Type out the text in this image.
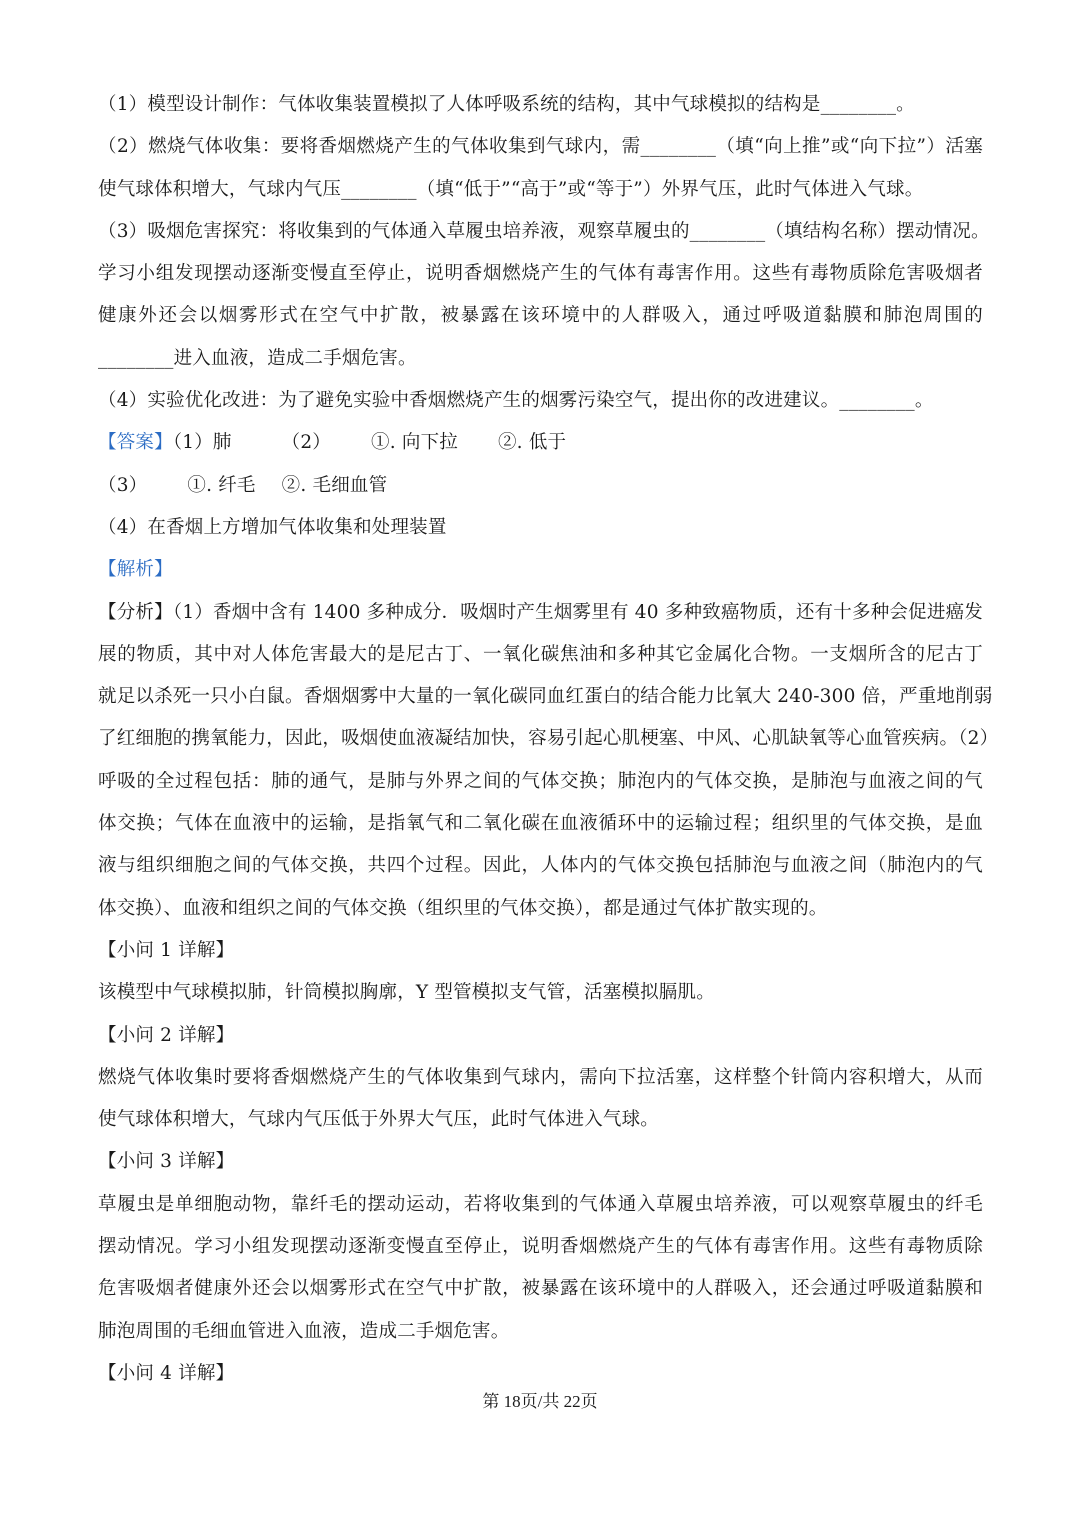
（1）模型设计制作：气体收集装置模拟了人体呼吸系统的结构，其中气球模拟的结构是________。
（2）燃烧气体收集：要将香烟燃烧产生的气体收集到气球内，需________（填“向上推”或“向下拉”）活塞
使气球体积增大，气球内气压________（填“低于”“高于”或“等于”）外界气压，此时气体进入气球。
（3）吸烟危害探究：将收集到的气体通入草履虫培养液，观察草履虫的________（填结构名称）摆动情况。
学习小组发现摆动逐渐变慢直至停止，说明香烟燃烧产生的气体有毒害作用。这些有毒物质除危害吸烟者
健康外还会以烟雾形式在空气中扩散，被暴露在该环境中的人群吸入，通过呼吸道黏膜和肺泡周围的
________进入血液，造成二手烟危害。
（4）实验优化改进：为了避免实验中香烟燃烧产生的烟雾污染空气，提出你的改进建议。________。
【答案】（1）肺	（2） ①. 向下拉 ②. 低于
（3） ①. 纤毛 ②. 毛细血管
（4）在香烟上方增加气体收集和处理装置
【解析】
【分析】（1）香烟中含有 1400 多种成分．吸烟时产生烟雾里有 40 多种致癌物质，还有十多种会促进癌发
展的物质，其中对人体危害最大的是尼古丁、一氧化碳焦油和多种其它金属化合物。一支烟所含的尼古丁
就足以杀死一只小白鼠。香烟烟雾中大量的一氧化碳同血红蛋白的结合能力比氧大 240-300 倍，严重地削弱
了红细胞的携氧能力，因此，吸烟使血液凝结加快，容易引起心肌梗塞、中风、心肌缺氧等心血管疾病。（2）
呼吸的全过程包括：肺的通气，是肺与外界之间的气体交换；肺泡内的气体交换，是肺泡与血液之间的气
体交换；气体在血液中的运输，是指氧气和二氧化碳在血液循环中的运输过程；组织里的气体交换，是血
液与组织细胞之间的气体交换，共四个过程。因此，人体内的气体交换包括肺泡与血液之间（肺泡内的气
体交换）、血液和组织之间的气体交换（组织里的气体交换），都是通过气体扩散实现的。
【小问 1 详解】
该模型中气球模拟肺，针筒模拟胸廓，Y 型管模拟支气管，活塞模拟膈肌。
【小问 2 详解】
燃烧气体收集时要将香烟燃烧产生的气体收集到气球内，需向下拉活塞，这样整个针筒内容积增大，从而
使气球体积增大，气球内气压低于外界大气压，此时气体进入气球。
【小问 3 详解】
草履虫是单细胞动物，靠纤毛的摆动运动，若将收集到的气体通入草履虫培养液，可以观察草履虫的纤毛
摆动情况。学习小组发现摆动逐渐变慢直至停止，说明香烟燃烧产生的气体有毒害作用。这些有毒物质除
危害吸烟者健康外还会以烟雾形式在空气中扩散，被暴露在该环境中的人群吸入，还会通过呼吸道黏膜和
肺泡周围的毛细血管进入血液，造成二手烟危害。
【小问 4 详解】
第 18页/共 22页
